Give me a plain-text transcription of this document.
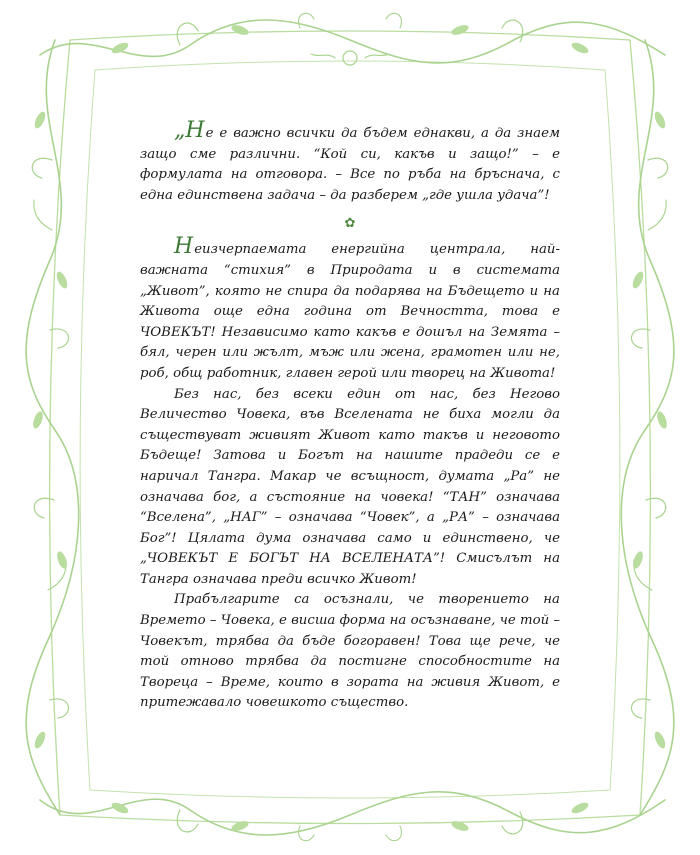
„Не е важно всички да бъдем еднакви, а да знаем защо сме различни. “Кой си, какъв и защо!” – е формулата на отговора. – Все по ръба на бръснача, с една единствена задача – да разберем „где ушла удача”!

✿

Неизчерпаемата енергийна централа, най-важната “стихия” в Природата и в системата „Живот”, която не спира да подарява на Бъдещето и на Живота още една година от Вечността, това е ЧОВЕКЪТ! Независимо като какъв е дошъл на Земята – бял, черен или жълт, мъж или жена, грамотен или не, роб, общ работник, главен герой или творец на Живота!

Без нас, без всеки един от нас, без Негово Величество Човека, във Вселената не биха могли да съществуват живият Живот като такъв и неговото Бъдеще! Затова и Богът на нашите прадеди се е наричал Тангра. Макар че всъщност, думата „Ра” не означава бог, а състояние на човека! “ТАН” означава “Вселена”, „НАГ” – означава “Човек”, а „РА” – означава Бог”! Цялата дума означава само и единствено, че „ЧОВЕКЪТ Е БОГЪТ НА ВСЕЛЕНАТА”! Смисълът на Тангра означава преди всичко Живот!

Прабългарите са осъзнали, че творението на Времето – Човека, е висша форма на осъзнаване, че той –Човекът, трябва да бъде богоравен! Това ще рече, че той отново трябва да постигне способностите на Твореца – Време, които в зората на живия Живот, е притежавало човешкото същество.
